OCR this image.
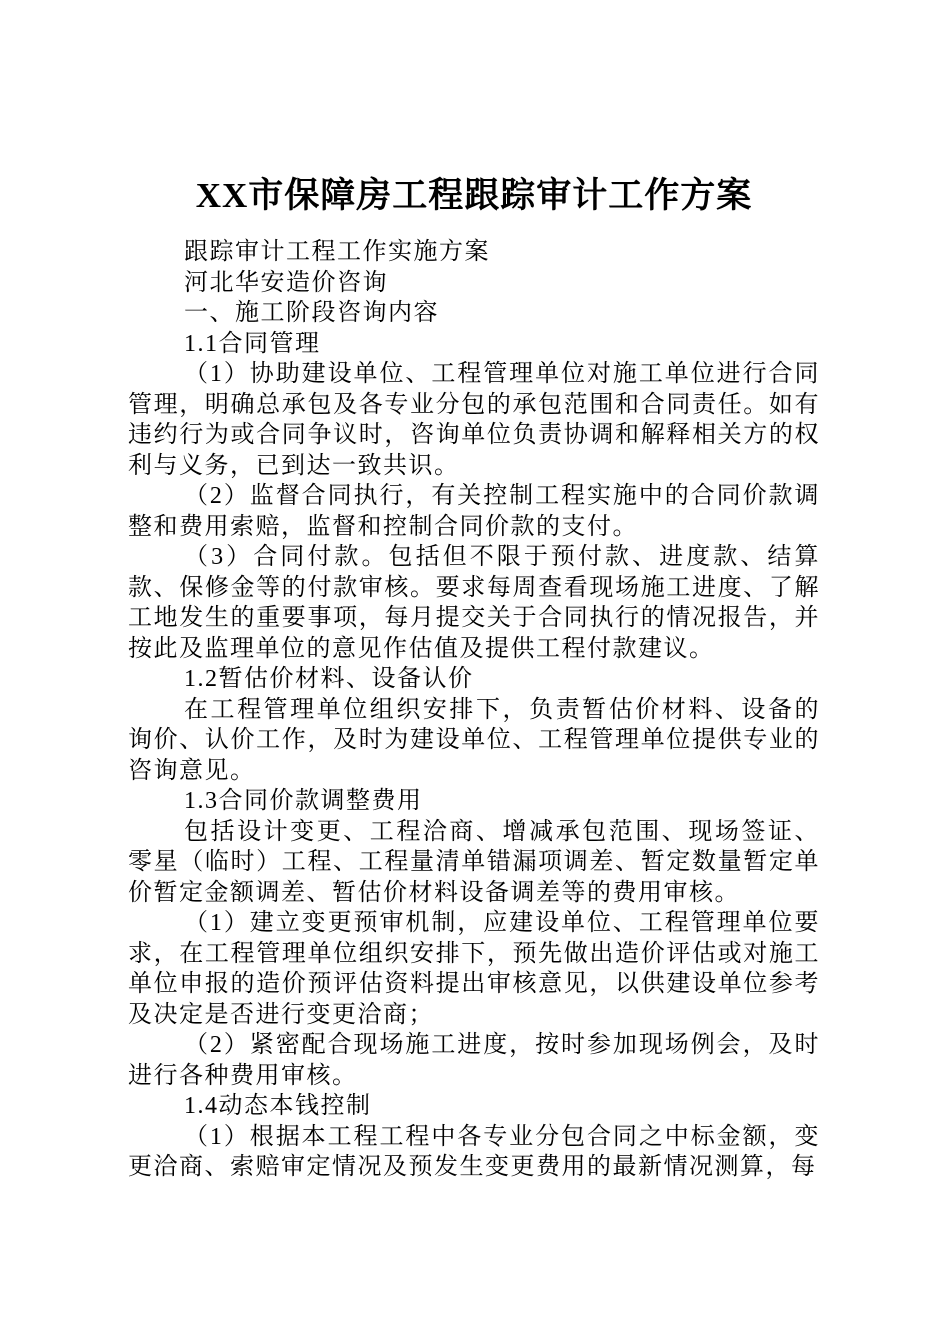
XX市保障房工程跟踪审计工作方案

跟踪审计工程工作实施方案

河北华安造价咨询

一、施工阶段咨询内容

1.1合同管理

（1）协助建设单位、工程管理单位对施工单位进行合同管理，明确总承包及各专业分包的承包范围和合同责任。如有违约行为或合同争议时，咨询单位负责协调和解释相关方的权利与义务，已到达一致共识。

（2）监督合同执行，有关控制工程实施中的合同价款调整和费用索赔，监督和控制合同价款的支付。

（3）合同付款。包括但不限于预付款、进度款、结算款、保修金等的付款审核。要求每周查看现场施工进度、了解工地发生的重要事项，每月提交关于合同执行的情况报告，并按此及监理单位的意见作估值及提供工程付款建议。

1.2暂估价材料、设备认价

在工程管理单位组织安排下，负责暂估价材料、设备的询价、认价工作，及时为建设单位、工程管理单位提供专业的咨询意见。

1.3合同价款调整费用

包括设计变更、工程洽商、增减承包范围、现场签证、零星（临时）工程、工程量清单错漏项调差、暂定数量暂定单价暂定金额调差、暂估价材料设备调差等的费用审核。

（1）建立变更预审机制，应建设单位、工程管理单位要求，在工程管理单位组织安排下，预先做出造价评估或对施工单位申报的造价预评估资料提出审核意见，以供建设单位参考及决定是否进行变更洽商；

（2）紧密配合现场施工进度，按时参加现场例会，及时进行各种费用审核。

1.4动态本钱控制

（1）根据本工程工程中各专业分包合同之中标金额，变更洽商、索赔审定情况及预发生变更费用的最新情况测算，每
